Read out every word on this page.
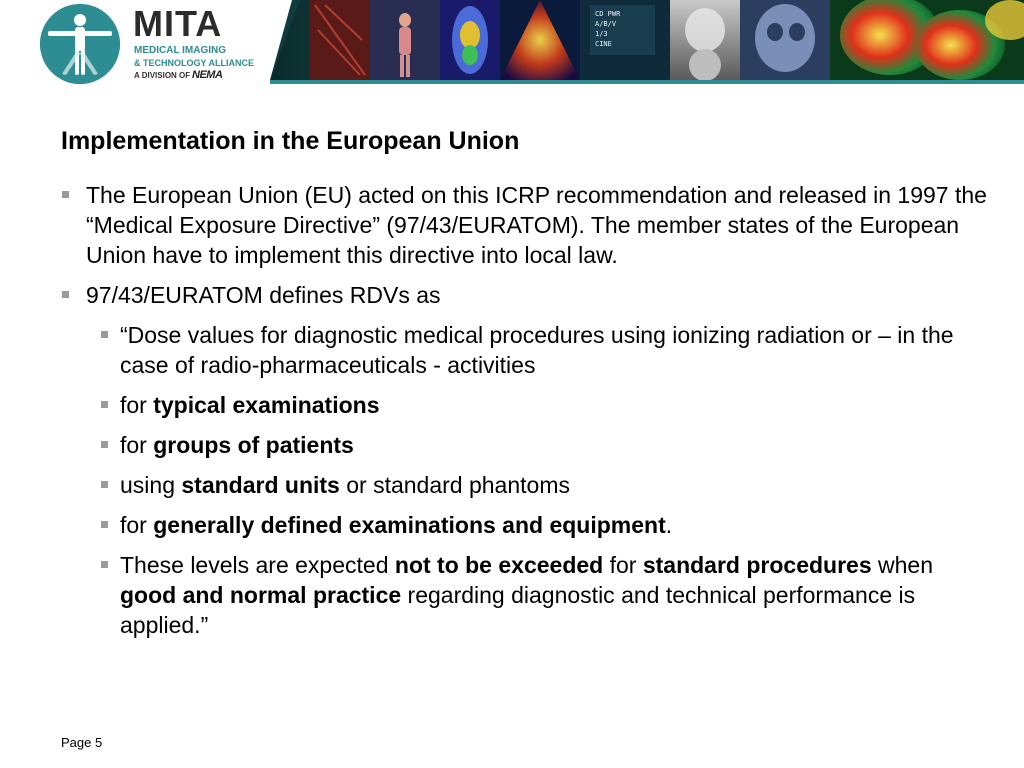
MITA
MEDICAL IMAGING
& TECHNOLOGY ALLIANCE
A DIVISION OF NEMA
CD PWR
A/B/V
1/3
CINE
Implementation in the European Union
The European Union (EU) acted on this ICRP recommendation and released in 1997 the “Medical Exposure Directive” (97/43/EURATOM). The member states of the European Union have to implement this directive into local law.
97/43/EURATOM defines RDVs as
“Dose values for diagnostic medical procedures using ionizing radiation or – in the case of radio-pharmaceuticals - activities
for typical examinations
for groups of patients
using standard units or standard phantoms
for generally defined examinations and equipment.
These levels are expected not to be exceeded for standard procedures when good and normal practice regarding diagnostic and technical performance is applied.”
Page 5
